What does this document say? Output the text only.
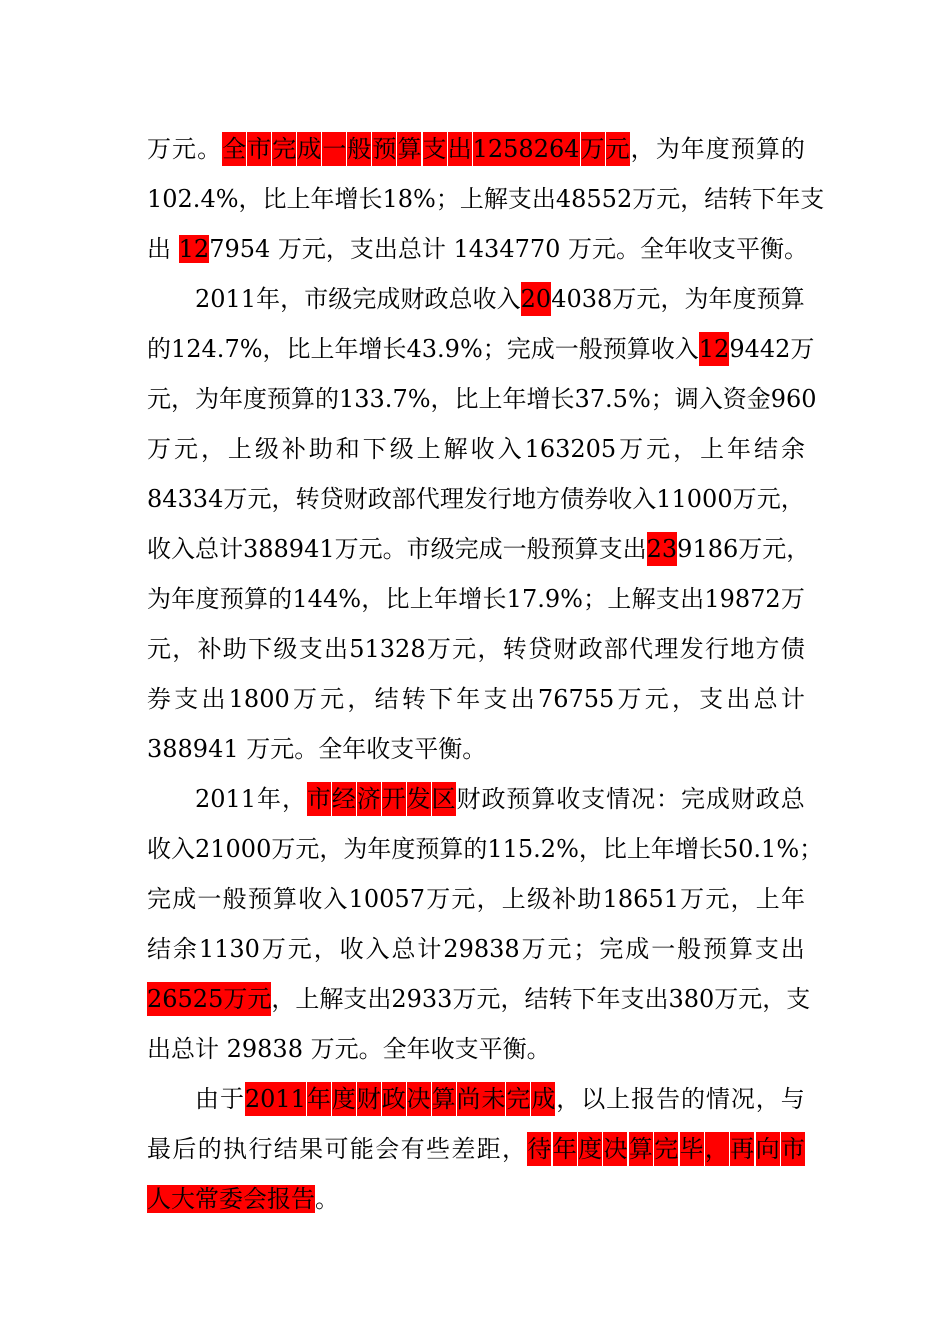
万 元 。 全 市 完 成 一 般 预 算 支 出 1258264 万 元 ， 为 年 度 预 算 的
102.4% ， 比 上 年 增 长 18% ； 上 解 支 出 48552 万 元 ， 结 转 下 年 支
出 127954 万元，支出总计 1434770 万元。全年收支平衡。
2011 年 ， 市 级 完 成 财 政 总 收 入 20 4038 万 元 ， 为 年 度 预 算
的 124.7% ， 比 上 年 增 长 43.9% ； 完 成 一 般 预 算 收 入 12 9442 万
元 ， 为 年 度 预 算 的 133.7% ， 比 上 年 增 长 37.5% ； 调 入 资 金 960
万 元 ， 上 级 补 助 和 下 级 上 解 收 入 163205 万 元 ， 上 年 结 余
84334 万 元 ， 转 贷 财 政 部 代 理 发 行 地 方 债 券 收 入 11000 万 元 ，
收 入 总 计 388941 万 元 。 市 级 完 成 一 般 预 算 支 出 23 9186 万 元 ，
为 年 度 预 算 的 144% ， 比 上 年 增 长 17.9% ； 上 解 支 出 19872 万
元 ， 补 助 下 级 支 出 51328 万 元 ， 转 贷 财 政 部 代 理 发 行 地 方 债
券 支 出 1800 万 元 ， 结 转 下 年 支 出 76755 万 元 ， 支 出 总 计
388941 万元。全年收支平衡。
2011 年 ， 市 经 济 开 发 区 财 政 预 算 收 支 情 况 ： 完 成 财 政 总
收 入 21000 万 元 ， 为 年 度 预 算 的 115.2% ， 比 上 年 增 长 50.1% ；
完 成 一 般 预 算 收 入 10057 万 元 ， 上 级 补 助 18651 万 元 ， 上 年
结 余 1130 万 元 ， 收 入 总 计 29838 万 元 ； 完 成 一 般 预 算 支 出
26525 万 元 ， 上 解 支 出 2933 万 元 ， 结 转 下 年 支 出 380 万 元 ， 支
出总计 29838 万元。全年收支平衡。
由 于 2011 年 度 财 政 决 算 尚 未 完 成 ， 以 上 报 告 的 情 况 ， 与
最 后 的 执 行 结 果 可 能 会 有 些 差 距 ， 待 年 度 决 算 完 毕 ， 再 向 市
人大常委会报告。
